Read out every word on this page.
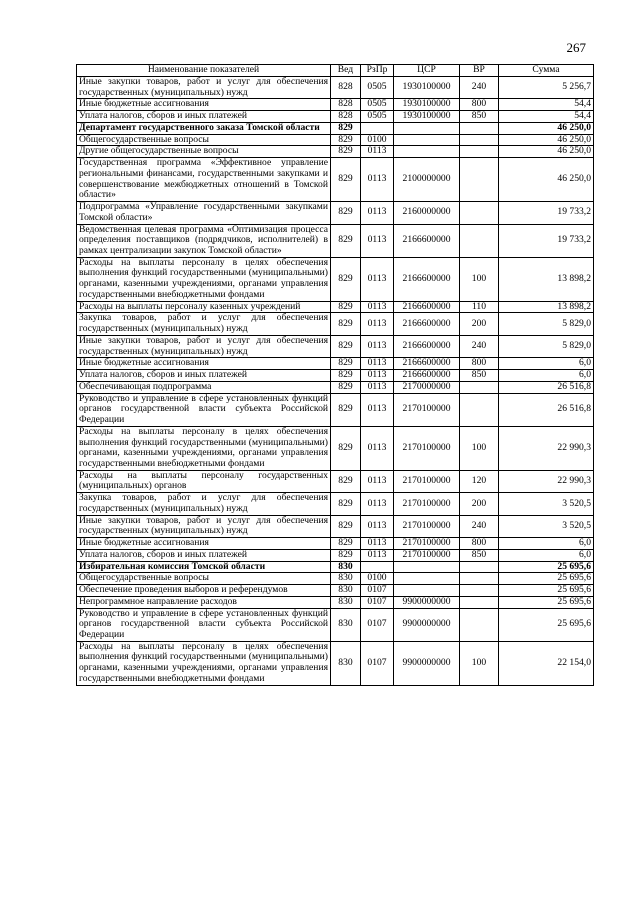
267
Наименование показателей	Вед	РзПр	ЦСР	ВР	Сумма
Иные закупки товаров, работ и услуг для обеспечения государственных (муниципальных) нужд	828	0505	1930100000	240	5 256,7
Иные бюджетные ассигнования	828	0505	1930100000	800	54,4
Уплата налогов, сборов и иных платежей	828	0505	1930100000	850	54,4
Департамент государственного заказа Томской области	829				46 250,0
Общегосударственные вопросы	829	0100			46 250,0
Другие общегосударственные вопросы	829	0113			46 250,0
Государственная программа «Эффективное управление региональными финансами, государственными закупками и совершенствование межбюджетных отношений в Томской области»	829	0113	2100000000		46 250,0
Подпрограмма «Управление государственными закупками Томской области»	829	0113	2160000000		19 733,2
Ведомственная целевая программа «Оптимизация процесса определения поставщиков (подрядчиков, исполнителей) в рамках централизации закупок Томской области»	829	0113	2166600000		19 733,2
Расходы на выплаты персоналу в целях обеспечения выполнения функций государственными (муниципальными) органами, казенными учреждениями, органами управления государственными внебюджетными фондами	829	0113	2166600000	100	13 898,2
Расходы на выплаты персоналу казенных учреждений	829	0113	2166600000	110	13 898,2
Закупка товаров, работ и услуг для обеспечения государственных (муниципальных) нужд	829	0113	2166600000	200	5 829,0
Иные закупки товаров, работ и услуг для обеспечения государственных (муниципальных) нужд	829	0113	2166600000	240	5 829,0
Иные бюджетные ассигнования	829	0113	2166600000	800	6,0
Уплата налогов, сборов и иных платежей	829	0113	2166600000	850	6,0
Обеспечивающая подпрограмма	829	0113	2170000000		26 516,8
Руководство и управление в сфере установленных функций органов государственной власти субъекта Российской Федерации	829	0113	2170100000		26 516,8
Расходы на выплаты персоналу в целях обеспечения выполнения функций государственными (муниципальными) органами, казенными учреждениями, органами управления государственными внебюджетными фондами	829	0113	2170100000	100	22 990,3
Расходы на выплаты персоналу государственных (муниципальных) органов	829	0113	2170100000	120	22 990,3
Закупка товаров, работ и услуг для обеспечения государственных (муниципальных) нужд	829	0113	2170100000	200	3 520,5
Иные закупки товаров, работ и услуг для обеспечения государственных (муниципальных) нужд	829	0113	2170100000	240	3 520,5
Иные бюджетные ассигнования	829	0113	2170100000	800	6,0
Уплата налогов, сборов и иных платежей	829	0113	2170100000	850	6,0
Избирательная комиссия Томской области	830				25 695,6
Общегосударственные вопросы	830	0100			25 695,6
Обеспечение проведения выборов и референдумов	830	0107			25 695,6
Непрограммное направление расходов	830	0107	9900000000		25 695,6
Руководство и управление в сфере установленных функций органов государственной власти субъекта Российской Федерации	830	0107	9900000000		25 695,6
Расходы на выплаты персоналу в целях обеспечения выполнения функций государственными (муниципальными) органами, казенными учреждениями, органами управления государственными внебюджетными фондами	830	0107	9900000000	100	22 154,0
